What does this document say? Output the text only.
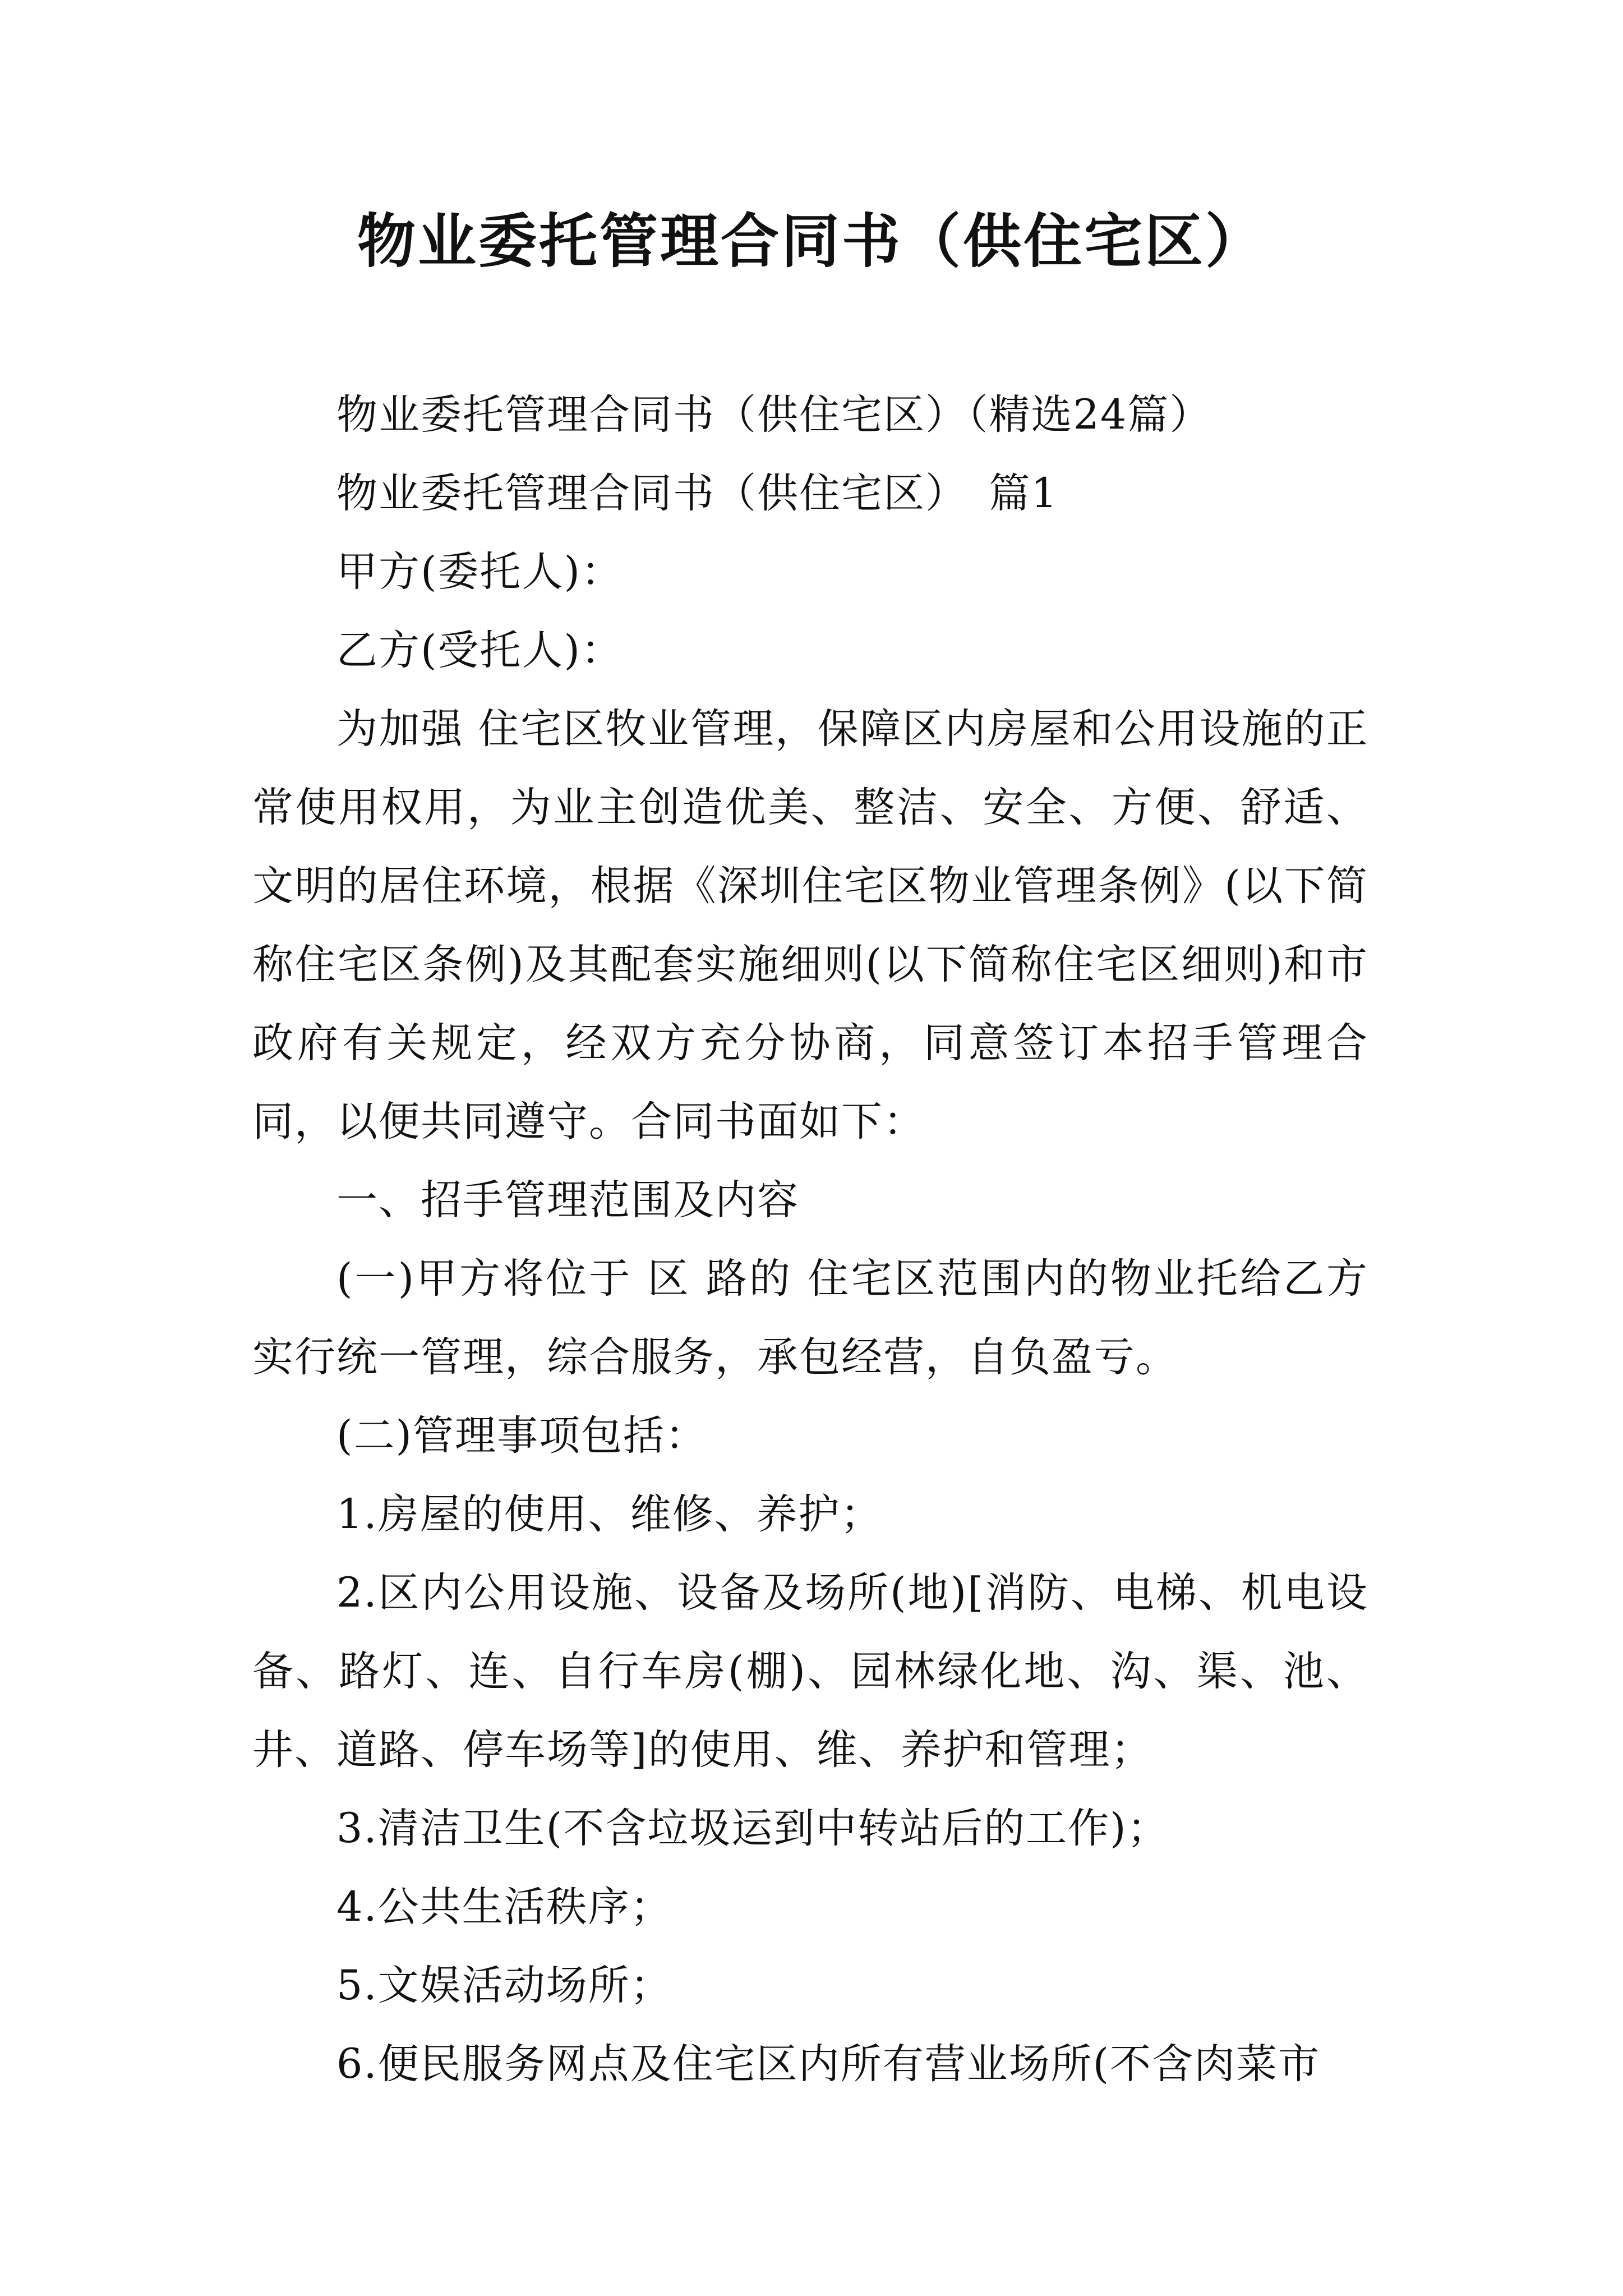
物业委托管理合同书（供住宅区）

物业委托管理合同书（供住宅区）（精选24篇）

物业委托管理合同书（供住宅区）　篇1

甲方(委托人)：

乙方(受托人)：

为加强 住宅区牧业管理，保障区内房屋和公用设施的正常使用权用，为业主创造优美、整洁、安全、方便、舒适、文明的居住环境，根据《深圳住宅区物业管理条例》(以下简称住宅区条例)及其配套实施细则(以下简称住宅区细则)和市政府有关规定，经双方充分协商，同意签订本招手管理合同，以便共同遵守。合同书面如下：

一、招手管理范围及内容

(一)甲方将位于 区 路的 住宅区范围内的物业托给乙方实行统一管理，综合服务，承包经营，自负盈亏。

(二)管理事项包括：

1.房屋的使用、维修、养护；

2.区内公用设施、设备及场所(地)[消防、电梯、机电设备、路灯、连、自行车房(棚)、园林绿化地、沟、渠、池、井、道路、停车场等]的使用、维、养护和管理；

3.清洁卫生(不含垃圾运到中转站后的工作)；

4.公共生活秩序；

5.文娱活动场所；

6.便民服务网点及住宅区内所有营业场所(不含肉菜市
